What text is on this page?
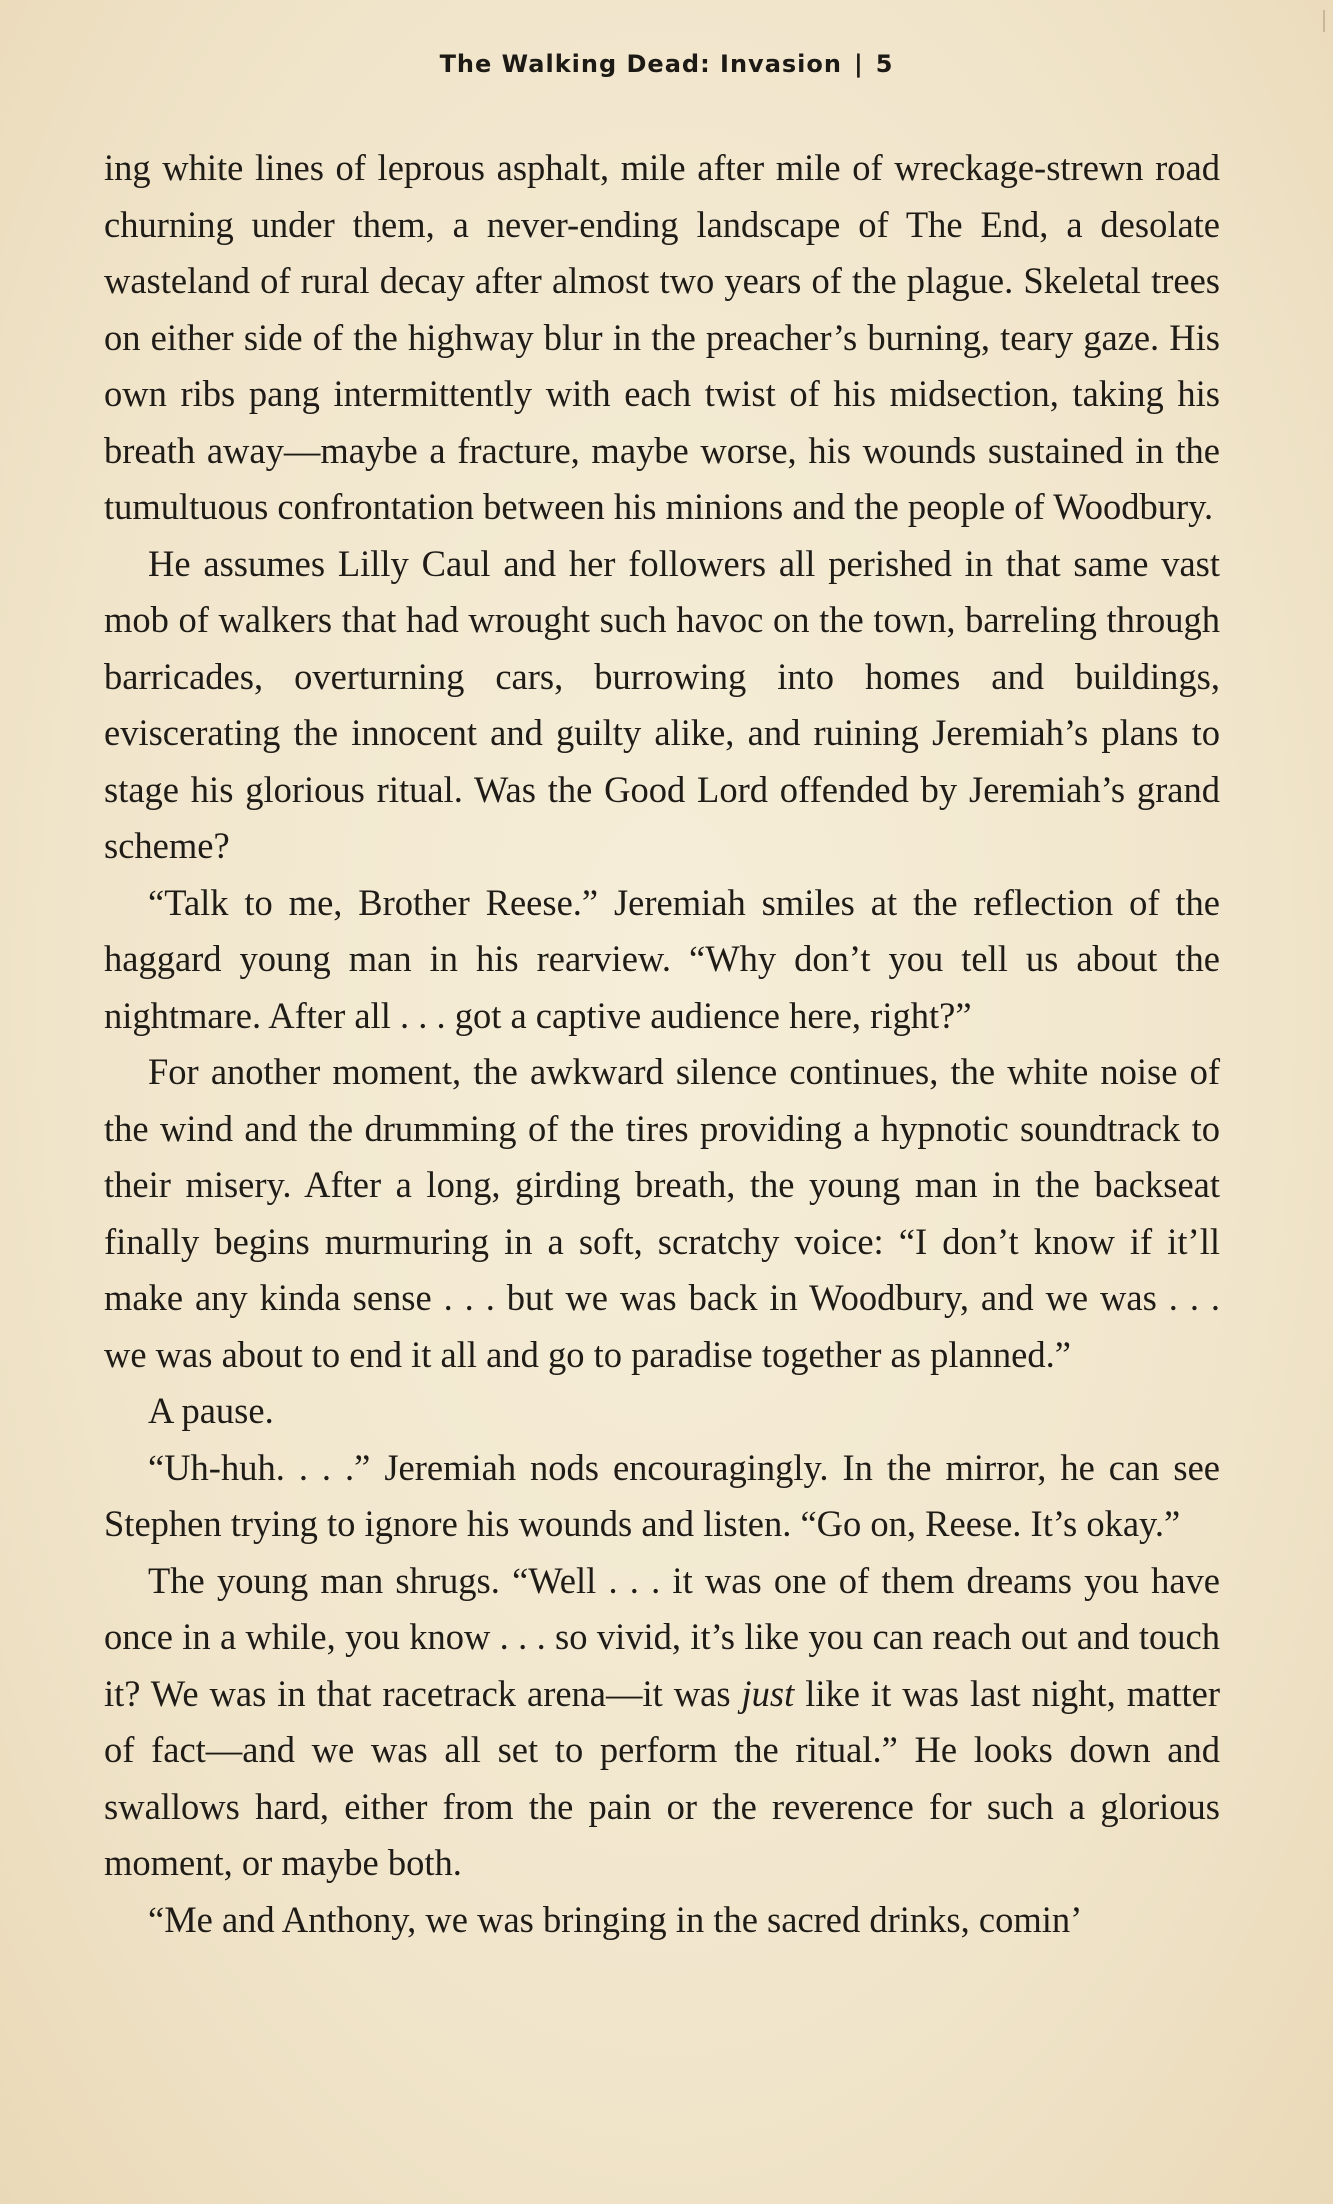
The Walking Dead: Invasion | 5

ing white lines of leprous asphalt, mile after mile of wreckage-strewn road churning under them, a never-ending landscape of The End, a desolate wasteland of rural decay after almost two years of the plague. Skeletal trees on either side of the highway blur in the preacher’s burning, teary gaze. His own ribs pang intermittently with each twist of his midsection, taking his breath away—maybe a fracture, maybe worse, his wounds sustained in the tumultuous confrontation between his minions and the people of Woodbury.

He assumes Lilly Caul and her followers all perished in that same vast mob of walkers that had wrought such havoc on the town, barreling through barricades, overturning cars, burrowing into homes and buildings, eviscerating the innocent and guilty alike, and ruining Jeremiah’s plans to stage his glorious ritual. Was the Good Lord offended by Jeremiah’s grand scheme?

“Talk to me, Brother Reese.” Jeremiah smiles at the reflection of the haggard young man in his rearview. “Why don’t you tell us about the nightmare. After all . . . got a captive audience here, right?”

For another moment, the awkward silence continues, the white noise of the wind and the drumming of the tires providing a hypnotic soundtrack to their misery. After a long, girding breath, the young man in the backseat finally begins murmuring in a soft, scratchy voice: “I don’t know if it’ll make any kinda sense . . . but we was back in Woodbury, and we was . . . we was about to end it all and go to paradise together as planned.”

A pause.

“Uh-huh. . . .” Jeremiah nods encouragingly. In the mirror, he can see Stephen trying to ignore his wounds and listen. “Go on, Reese. It’s okay.”

The young man shrugs. “Well . . . it was one of them dreams you have once in a while, you know . . . so vivid, it’s like you can reach out and touch it? We was in that racetrack arena—it was just like it was last night, matter of fact—and we was all set to perform the ritual.” He looks down and swallows hard, either from the pain or the reverence for such a glorious moment, or maybe both.

“Me and Anthony, we was bringing in the sacred drinks, comin’
